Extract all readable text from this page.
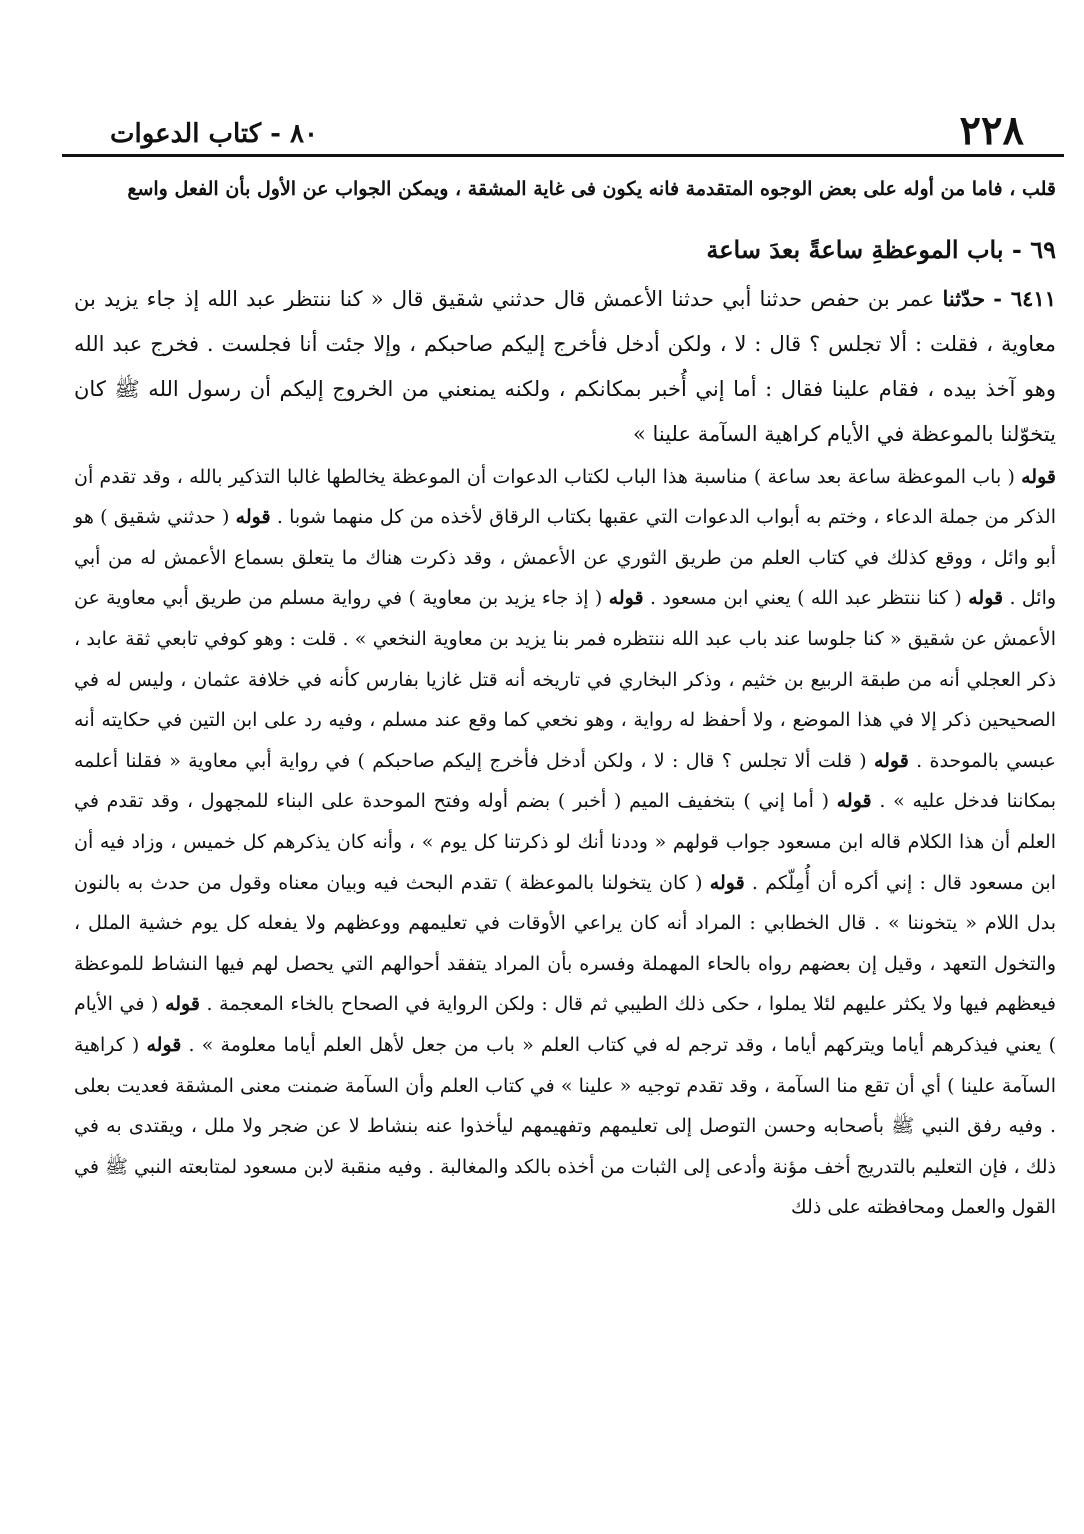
٢٢٨
٨٠ - كتاب الدعوات

قلب ، فاما من أوله على بعض الوجوه المتقدمة فانه يكون فى غاية المشقة ، ويمكن الجواب عن الأول بأن الفعل واسع

٦٩ - باب الموعظةِ ساعةً بعدَ ساعة

٦٤١١ - حدّثنا عمر بن حفص حدثنا أبي حدثنا الأعمش قال حدثني شقيق قال « كنا ننتظر عبد الله إذ جاء يزيد بن معاوية ، فقلت : ألا تجلس ؟ قال : لا ، ولكن أدخل فأخرج إليكم صاحبكم ، وإلا جئت أنا فجلست . فخرج عبد الله وهو آخذ بيده ، فقام علينا فقال : أما إني أُخبر بمكانكم ، ولكنه يمنعني من الخروج إليكم أن رسول الله ﷺ كان يتخوّلنا بالموعظة في الأيام كراهية السآمة علينا »

قوله ( باب الموعظة ساعة بعد ساعة ) مناسبة هذا الباب لكتاب الدعوات أن الموعظة يخالطها غالبا التذكير بالله ، وقد تقدم أن الذكر من جملة الدعاء ، وختم به أبواب الدعوات التي عقبها بكتاب الرقاق لأخذه من كل منهما شوبا . قوله ( حدثني شقيق ) هو أبو وائل ، ووقع كذلك في كتاب العلم من طريق الثوري عن الأعمش ، وقد ذكرت هناك ما يتعلق بسماع الأعمش له من أبي وائل . قوله ( كنا ننتظر عبد الله ) يعني ابن مسعود . قوله ( إذ جاء يزيد بن معاوية ) في رواية مسلم من طريق أبي معاوية عن الأعمش عن شقيق « كنا جلوسا عند باب عبد الله ننتظره فمر بنا يزيد بن معاوية النخعي » . قلت : وهو كوفي تابعي ثقة عابد ، ذكر العجلي أنه من طبقة الربيع بن خثيم ، وذكر البخاري في تاريخه أنه قتل غازيا بفارس كأنه في خلافة عثمان ، وليس له في الصحيحين ذكر إلا في هذا الموضع ، ولا أحفظ له رواية ، وهو نخعي كما وقع عند مسلم ، وفيه رد على ابن التين في حكايته أنه عبسي بالموحدة . قوله ( قلت ألا تجلس ؟ قال : لا ، ولكن أدخل فأخرج إليكم صاحبكم ) في رواية أبي معاوية « فقلنا أعلمه بمكاننا فدخل عليه » . قوله ( أما إني ) بتخفيف الميم ( أخبر ) بضم أوله وفتح الموحدة على البناء للمجهول ، وقد تقدم في العلم أن هذا الكلام قاله ابن مسعود جواب قولهم « وددنا أنك لو ذكرتنا كل يوم » ، وأنه كان يذكرهم كل خميس ، وزاد فيه أن ابن مسعود قال : إني أكره أن أُمِلّكم . قوله ( كان يتخولنا بالموعظة ) تقدم البحث فيه وبيان معناه وقول من حدث به بالنون بدل اللام « يتخوننا » . قال الخطابي : المراد أنه كان يراعي الأوقات في تعليمهم ووعظهم ولا يفعله كل يوم خشية الملل ، والتخول التعهد ، وقيل إن بعضهم رواه بالحاء المهملة وفسره بأن المراد يتفقد أحوالهم التي يحصل لهم فيها النشاط للموعظة فيعظهم فيها ولا يكثر عليهم لئلا يملوا ، حكى ذلك الطيبي ثم قال : ولكن الرواية في الصحاح بالخاء المعجمة . قوله ( في الأيام ) يعني فيذكرهم أياما ويتركهم أياما ، وقد ترجم له في كتاب العلم « باب من جعل لأهل العلم أياما معلومة » . قوله ( كراهية السآمة علينا ) أي أن تقع منا السآمة ، وقد تقدم توجيه « علينا » في كتاب العلم وأن السآمة ضمنت معنى المشقة فعديت بعلى . وفيه رفق النبي ﷺ بأصحابه وحسن التوصل إلى تعليمهم وتفهيمهم ليأخذوا عنه بنشاط لا عن ضجر ولا ملل ، ويقتدى به في ذلك ، فإن التعليم بالتدريج أخف مؤنة وأدعى إلى الثبات من أخذه بالكد والمغالبة . وفيه منقبة لابن مسعود لمتابعته النبي ﷺ في القول والعمل ومحافظته على ذلك
